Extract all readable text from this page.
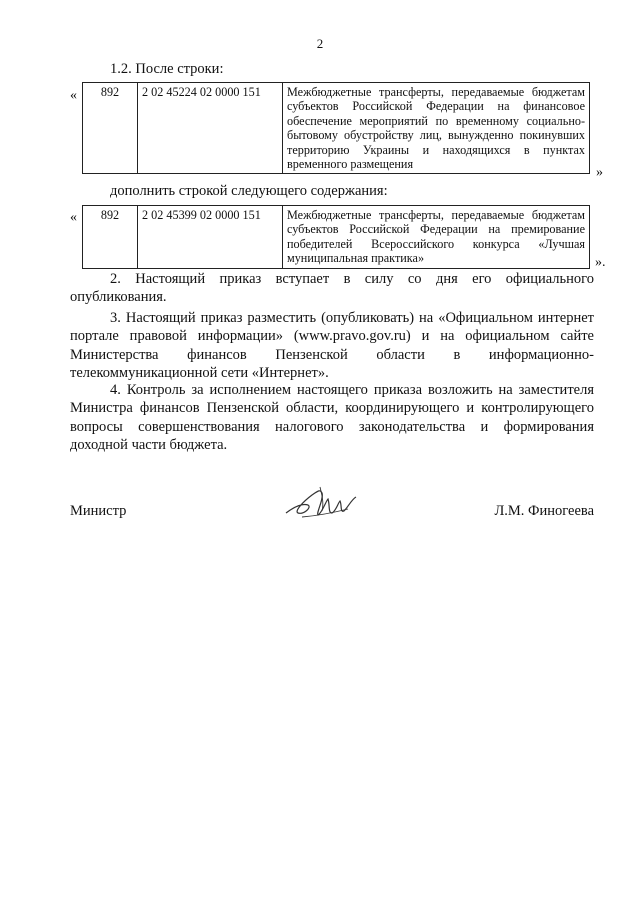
2
1.2. После строки:
« 892	2 02 45224 02 0000 151	Межбюджетные трансферты, передаваемые бюджетам субъектов Российской Федерации на финансовое обеспечение мероприятий по временному социально-бытовому обустройству лиц, вынужденно покинувших территорию Украины и находящихся в пунктах временного размещения
»
дополнить строкой следующего содержания:
« 892	2 02 45399 02 0000 151	Межбюджетные трансферты, передаваемые бюджетам субъектов Российской Федерации на премирование победителей Всероссийского конкурса «Лучшая муниципальная практика»	».
2. Настоящий приказ вступает в силу со дня его официального опубликования.
3. Настоящий приказ разместить (опубликовать) на «Официальном интернет портале правовой информации» (www.pravo.gov.ru) и на официальном сайте Министерства финансов Пензенской области в информационно-телекоммуникационной сети «Интернет».
4. Контроль за исполнением настоящего приказа возложить на заместителя Министра финансов Пензенской области, координирующего и контролирующего вопросы совершенствования налогового законодательства и формирования доходной части бюджета.
Министр	Л.М. Финогеева
